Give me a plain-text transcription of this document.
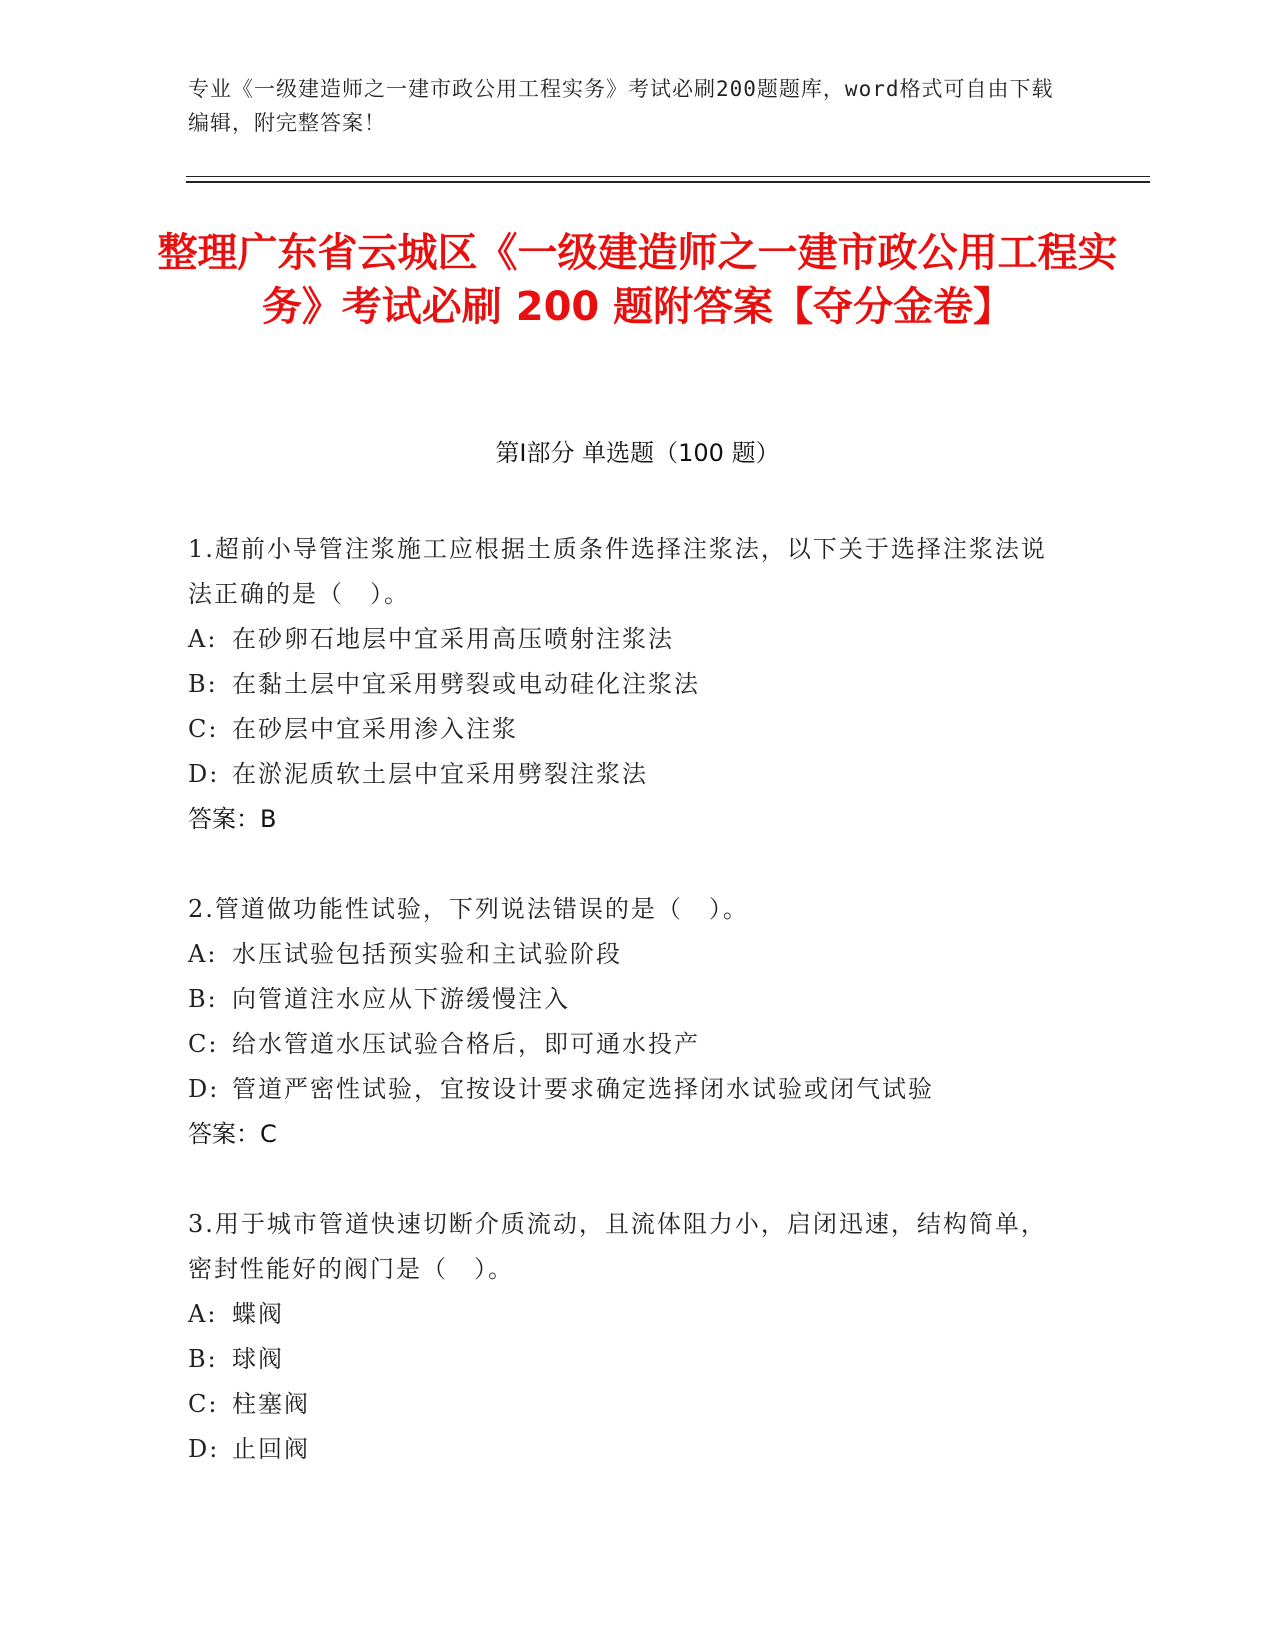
专业《一级建造师之一建市政公用工程实务》考试必刷200题题库，word格式可自由下载编辑，附完整答案！
整理广东省云城区《一级建造师之一建市政公用工程实务》考试必刷 200 题附答案【夺分金卷】
第Ⅰ部分 单选题（100 题）
1.超前小导管注浆施工应根据土质条件选择注浆法，以下关于选择注浆法说法正确的是（　）。
A: 在砂卵石地层中宜采用高压喷射注浆法
B: 在黏土层中宜采用劈裂或电动硅化注浆法
C: 在砂层中宜采用渗入注浆
D: 在淤泥质软土层中宜采用劈裂注浆法
答案：B
2.管道做功能性试验，下列说法错误的是（　）。
A: 水压试验包括预实验和主试验阶段
B: 向管道注水应从下游缓慢注入
C: 给水管道水压试验合格后，即可通水投产
D: 管道严密性试验，宜按设计要求确定选择闭水试验或闭气试验
答案：C
3.用于城市管道快速切断介质流动，且流体阻力小，启闭迅速，结构简单，密封性能好的阀门是（　）。
A: 蝶阀
B: 球阀
C: 柱塞阀
D: 止回阀
